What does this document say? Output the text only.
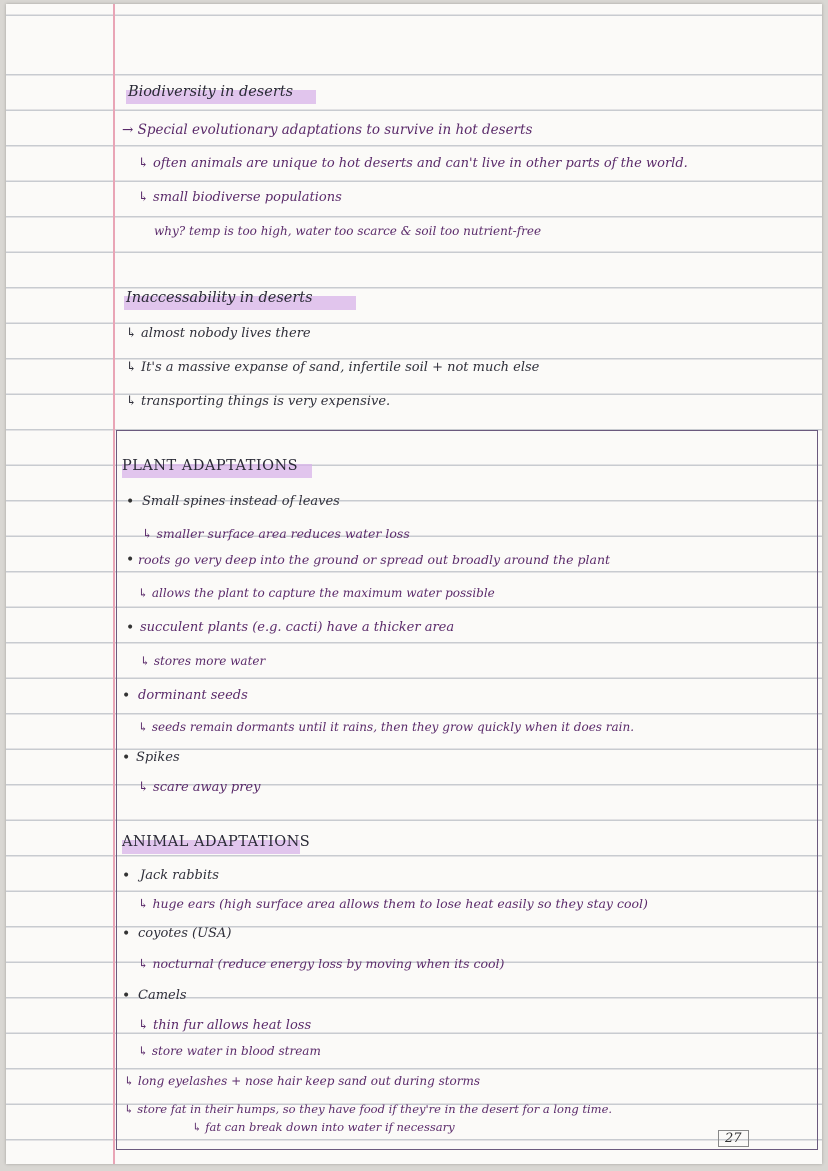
Biodiversity in deserts
→ Special evolutionary adaptations to survive in hot deserts
↳ often animals are unique to hot deserts and can't live in other parts of the world.
↳ small biodiverse populations
why? temp is too high, water too scarce & soil too nutrient-free
Inaccessability in deserts
↳ almost nobody lives there
↳ It's a massive expanse of sand, infertile soil + not much else
↳ transporting things is very expensive.
PLANT ADAPTATIONS
• Small spines instead of leaves
↳ smaller surface area reduces water loss
• roots go very deep into the ground or spread out broadly around the plant
↳ allows the plant to capture the maximum water possible
• succulent plants (e.g. cacti) have a thicker area
↳ stores more water
• dorminant seeds
↳ seeds remain dormants until it rains, then they grow quickly when it does rain.
• Spikes
↳ scare away prey
ANIMAL ADAPTATIONS
• Jack rabbits
↳ huge ears (high surface area allows them to lose heat easily so they stay cool)
• coyotes (USA)
↳ nocturnal (reduce energy loss by moving when its cool)
• Camels
↳ thin fur allows heat loss
↳ store water in blood stream
↳ long eyelashes + nose hair keep sand out during storms
↳ store fat in their humps, so they have food if they're in the desert for a long time.
↳ fat can break down into water if necessary
27
